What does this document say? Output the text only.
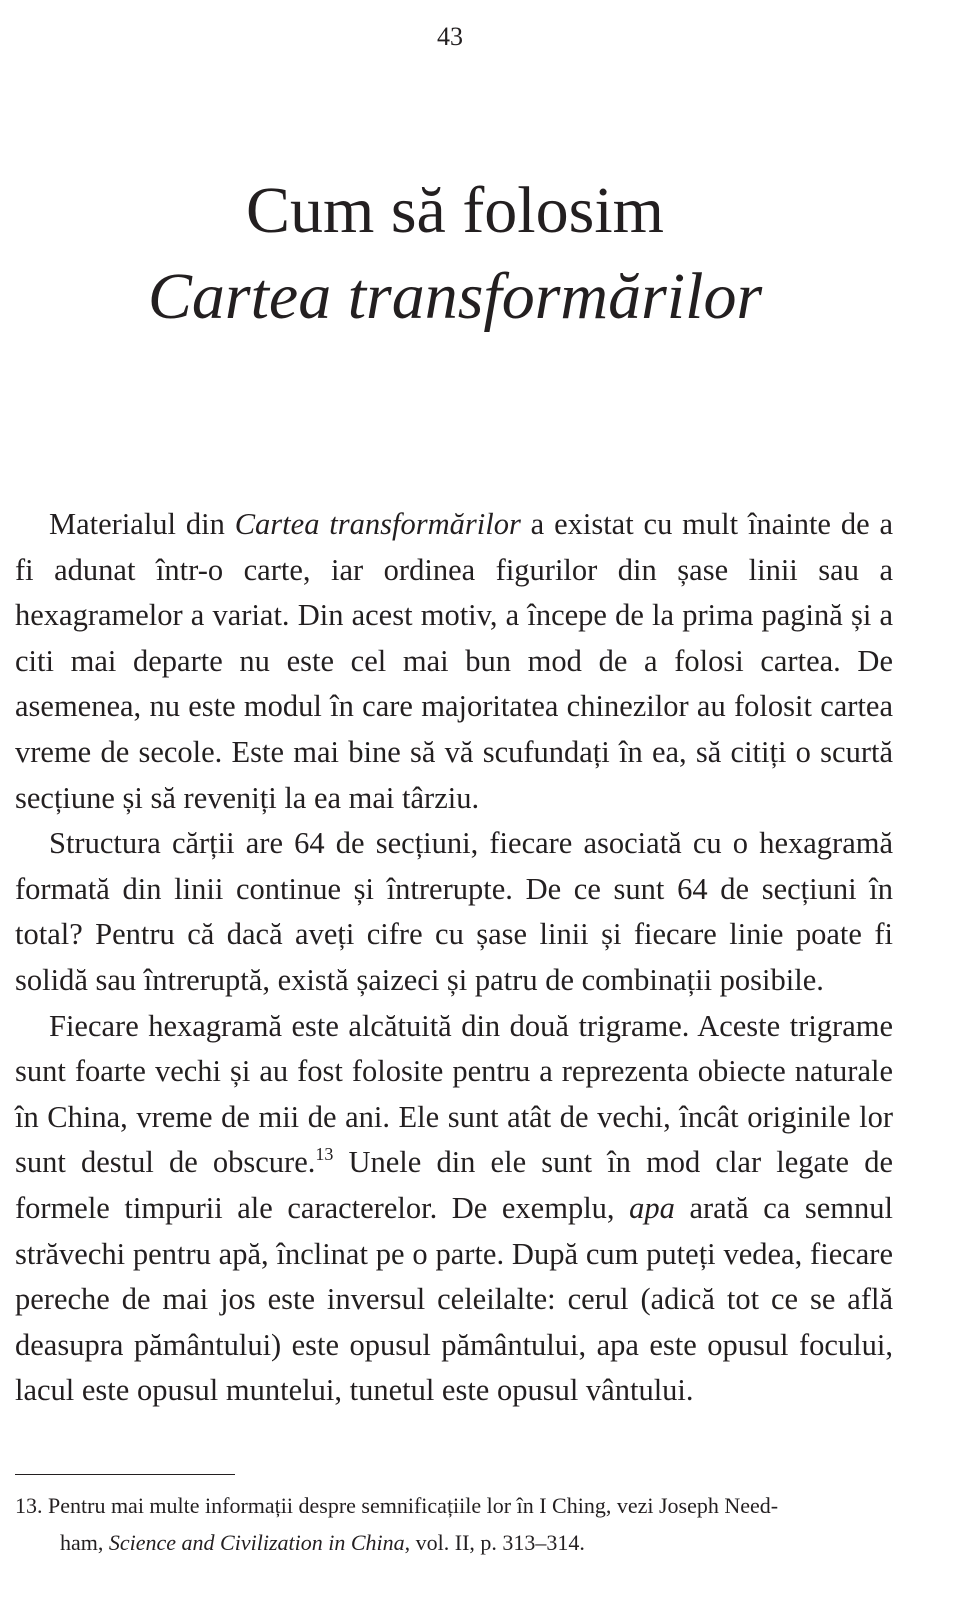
43
Cum să folosim
Cartea transformărilor

Materialul din Cartea transformărilor a existat cu mult înainte de a fi adunat într-o carte, iar ordinea figurilor din șase linii sau a hexagramelor a variat. Din acest motiv, a începe de la prima pagină și a citi mai departe nu este cel mai bun mod de a folosi cartea. De asemenea, nu este modul în care majoritatea chinezilor au folosit cartea vreme de secole. Este mai bine să vă scufundați în ea, să citiți o scurtă secțiune și să reveniți la ea mai târziu.

Structura cărții are 64 de secțiuni, fiecare asociată cu o hexagramă formată din linii continue și întrerupte. De ce sunt 64 de secțiuni în total? Pentru că dacă aveți cifre cu șase linii și fiecare linie poate fi solidă sau întreruptă, există șaizeci și patru de combinații posibile.

Fiecare hexagramă este alcătuită din două trigrame. Aceste trigrame sunt foarte vechi și au fost folosite pentru a reprezenta obiecte naturale în China, vreme de mii de ani. Ele sunt atât de vechi, încât originile lor sunt destul de obscure.$^{13}$ Unele din ele sunt în mod clar legate de formele timpurii ale caracterelor. De exemplu, apa arată ca semnul străvechi pentru apă, înclinat pe o parte. După cum puteți vedea, fiecare pereche de mai jos este inversul celeilalte: cerul (adică tot ce se află deasupra pământului) este opusul pământului, apa este opusul focului, lacul este opusul muntelui, tunetul este opusul vântului.

13. Pentru mai multe informații despre semnificațiile lor în I Ching, vezi Joseph Need-
ham, Science and Civilization in China, vol. II, p. 313–314.
